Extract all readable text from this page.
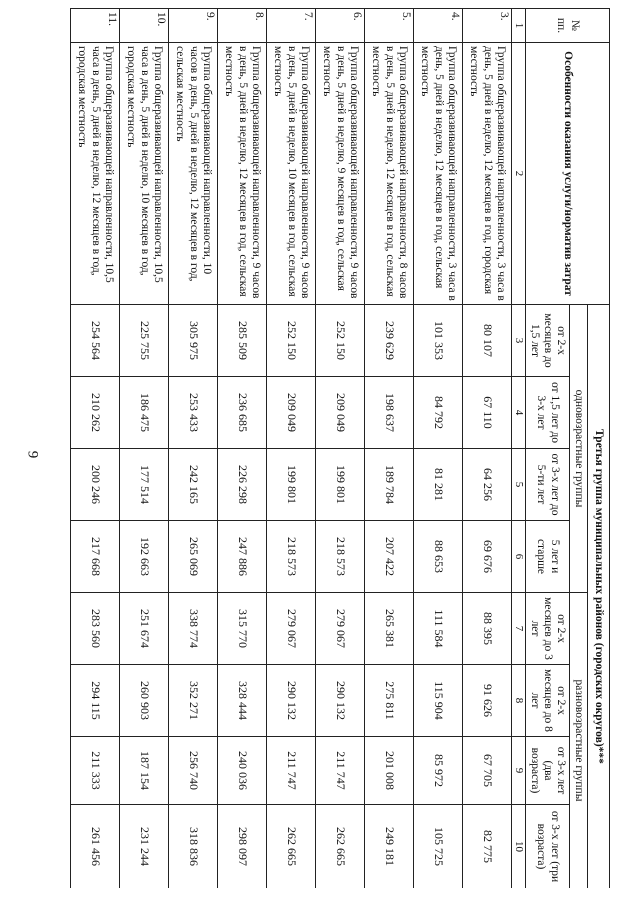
9
№ пп.	Особенности оказания услуги/норматив затрат	Третья группа муниципальных районов (городских округов)***							
		одновозрастные группы				разновозрастные группы			
		от 2-х месяцев до 1,5 лет	от 1,5 лет до 3-х лет	от 3-х лет до 5-ти лет	5 лет и старше	от 2-х месяцев до 3 лет	от 2-х месяцев до 8 лет	от 3-х лет (два возраста)	от 3-х лет (три возраста)
1	2	3	4	5	6	7	8	9	10
3.	Группа общеразвивающей направленности, 3 часа в день, 5 дней в неделю, 12 месяцев в год, городская местность	80 107	67 110	64 256	69 676	88 395	91 626	67 705	82 775
4.	Группа общеразвивающей направленности, 3 часа в день, 5 дней в неделю, 12 месяцев в год, сельская местность	101 353	84 792	81 281	88 653	111 584	115 904	85 972	105 725
5.	Группа общеразвивающей направленности, 8 часов в день, 5 дней в неделю, 12 месяцев в год, сельская местность	239 629	198 637	189 784	207 422	265 381	275 811	201 008	249 181
6.	Группа общеразвивающей направленности, 9 часов в день, 5 дней в неделю, 9 месяцев в год, сельская местность	252 150	209 049	199 801	218 573	279 067	290 132	211 747	262 665
7.	Группа общеразвивающей направленности, 9 часов в день, 5 дней в неделю, 10 месяцев в год, сельская местность	252 150	209 049	199 801	218 573	279 067	290 132	211 747	262 665
8.	Группа общеразвивающей направленности, 9 часов в день, 5 дней в неделю, 12 месяцев в год, сельская местность	285 509	236 685	226 298	247 886	315 770	328 444	240 036	298 097
9.	Группа общеразвивающей направленности, 10 часов в день, 5 дней в неделю, 12 месяцев в год, сельская местность	305 975	253 433	242 165	265 069	338 774	352 271	256 740	318 836
10.	Группа общеразвивающей направленности, 10,5 часа в день, 5 дней в неделю, 10 месяцев в год, городская местность	225 755	186 475	177 514	192 663	251 674	260 903	187 154	231 244
11.	Группа общеразвивающей направленности, 10,5 часа в день, 5 дней в неделю, 12 месяцев в год, городская местность	254 564	210 262	200 246	217 668	283 560	294 115	211 333	261 456
